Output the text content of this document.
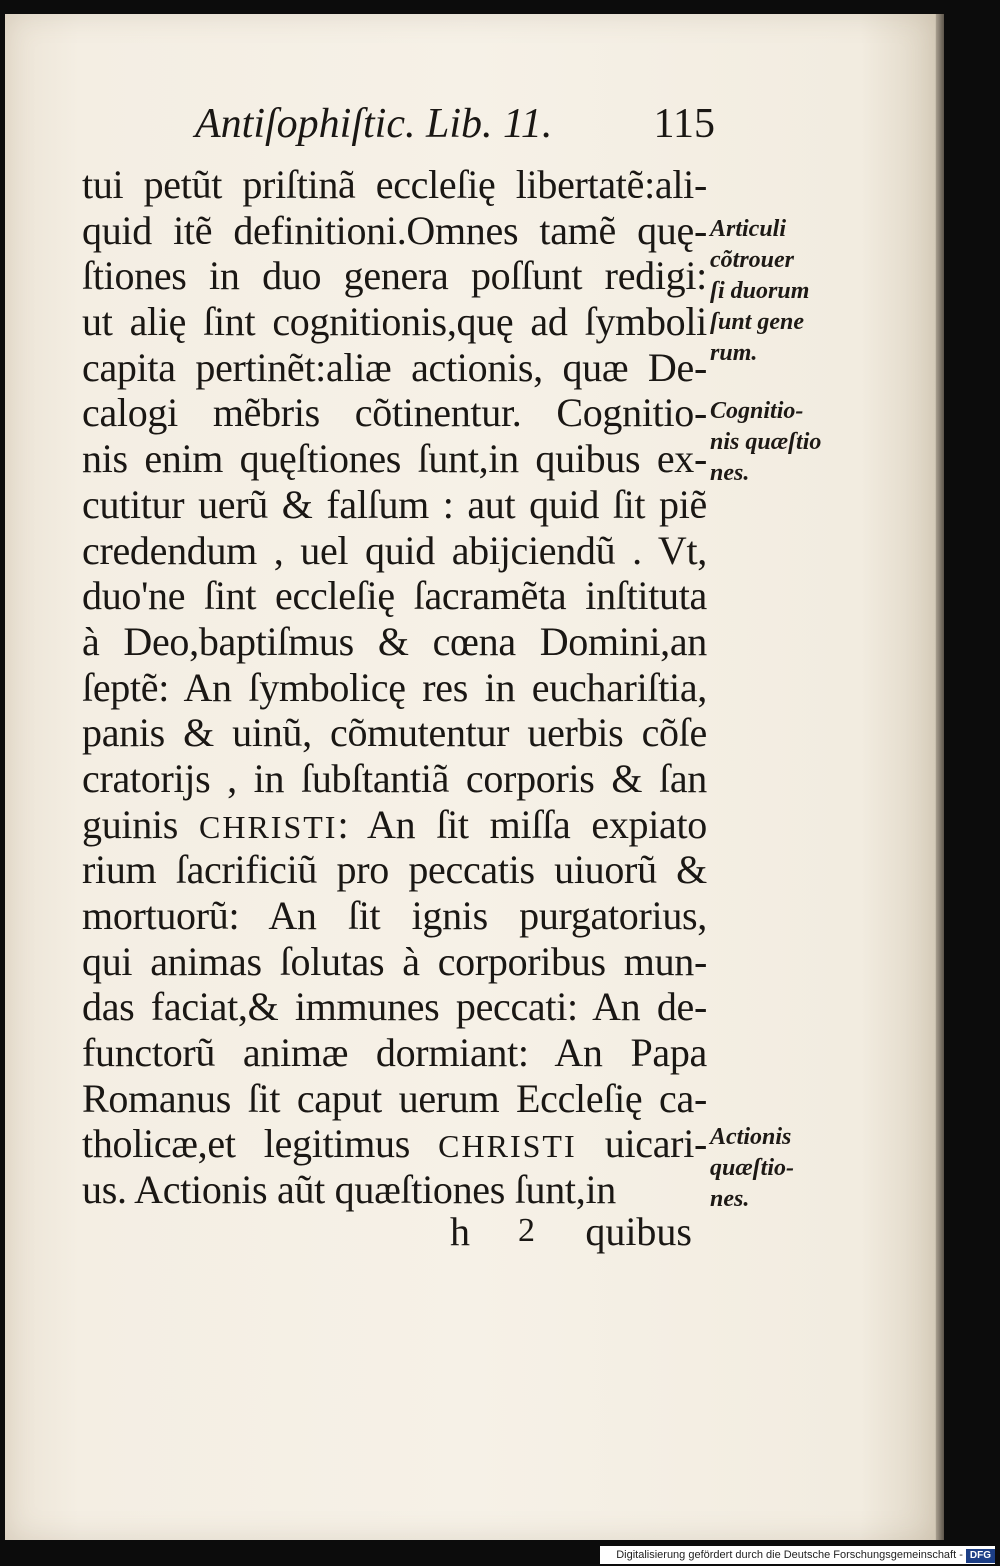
Antiſophiſtic. Lib. 11. 115
tui petũt priſtinã eccleſię libertatẽ:ali-
quid itẽ definitioni.Omnes tamẽ quę-
ſtiones in duo genera poſſunt redigi:
ut alię ſint cognitionis,quę ad ſymboli
capita pertinẽt:aliæ actionis, quæ De-
calogi mẽbris cõtinentur. Cognitio-
nis enim quęſtiones ſunt,in quibus ex-
cutitur uerũ & falſum : aut quid ſit piẽ
credendum , uel quid abijciendũ . Vt,
duo'ne ſint eccleſię ſacramẽta inſtituta
à Deo,baptiſmus & cœna Domini,an
ſeptẽ: An ſymbolicę res in euchariſtia,
panis & uinũ, cõmutentur uerbis cõſe
cratorijs , in ſubſtantiã corporis & ſan
guinis CHRISTI: An ſit miſſa expiato
rium ſacrificiũ pro peccatis uiuorũ &
mortuorũ: An ſit ignis purgatorius,
qui animas ſolutas à corporibus mun-
das faciat,& immunes peccati: An de-
functorũ animæ dormiant: An Papa
Romanus ſit caput uerum Eccleſię ca-
tholicæ,et legitimus CHRISTI uicari-
us. Actionis aũt quæſtiones ſunt,in
Articuli
cõtrouer
ſi duorum
ſunt gene
rum.
Cognitio-
nis quæſtio
nes.
Actionis
quæſtio-
nes.
h 2 quibus
Digitalisierung gefördert durch die Deutsche Forschungsgemeinschaft - DFG
